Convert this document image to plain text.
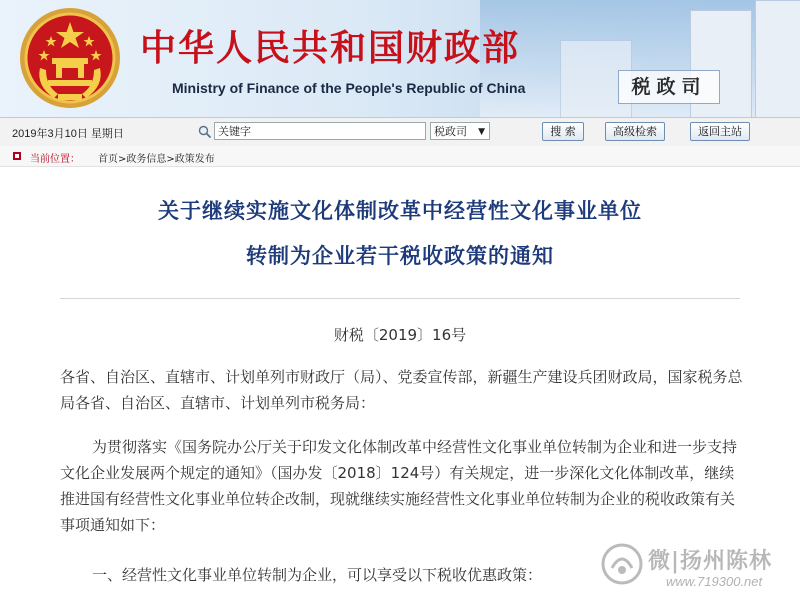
中华人民共和国财政部
Ministry of Finance of the People's Republic of China	税政司
2019年3月10日 星期日	关键字	税政司 ▼	搜 索	高级检索	返回主站
当前位置： 首页>政务信息>政策发布
关于继续实施文化体制改革中经营性文化事业单位
转制为企业若干税收政策的通知
财税〔2019〕16号

各省、自治区、直辖市、计划单列市财政厅（局）、党委宣传部，新疆生产建设兵团财政局，国家税务总局各省、自治区、直辖市、计划单列市税务局：

为贯彻落实《国务院办公厅关于印发文化体制改革中经营性文化事业单位转制为企业和进一步支持文化企业发展两个规定的通知》（国办发〔2018〕124号）有关规定，进一步深化文化体制改革，继续推进国有经营性文化事业单位转企改制，现就继续实施经营性文化事业单位转制为企业的税收政策有关事项通知如下：

一、经营性文化事业单位转制为企业，可以享受以下税收优惠政策：

微|扬州陈林
www.719300.net
